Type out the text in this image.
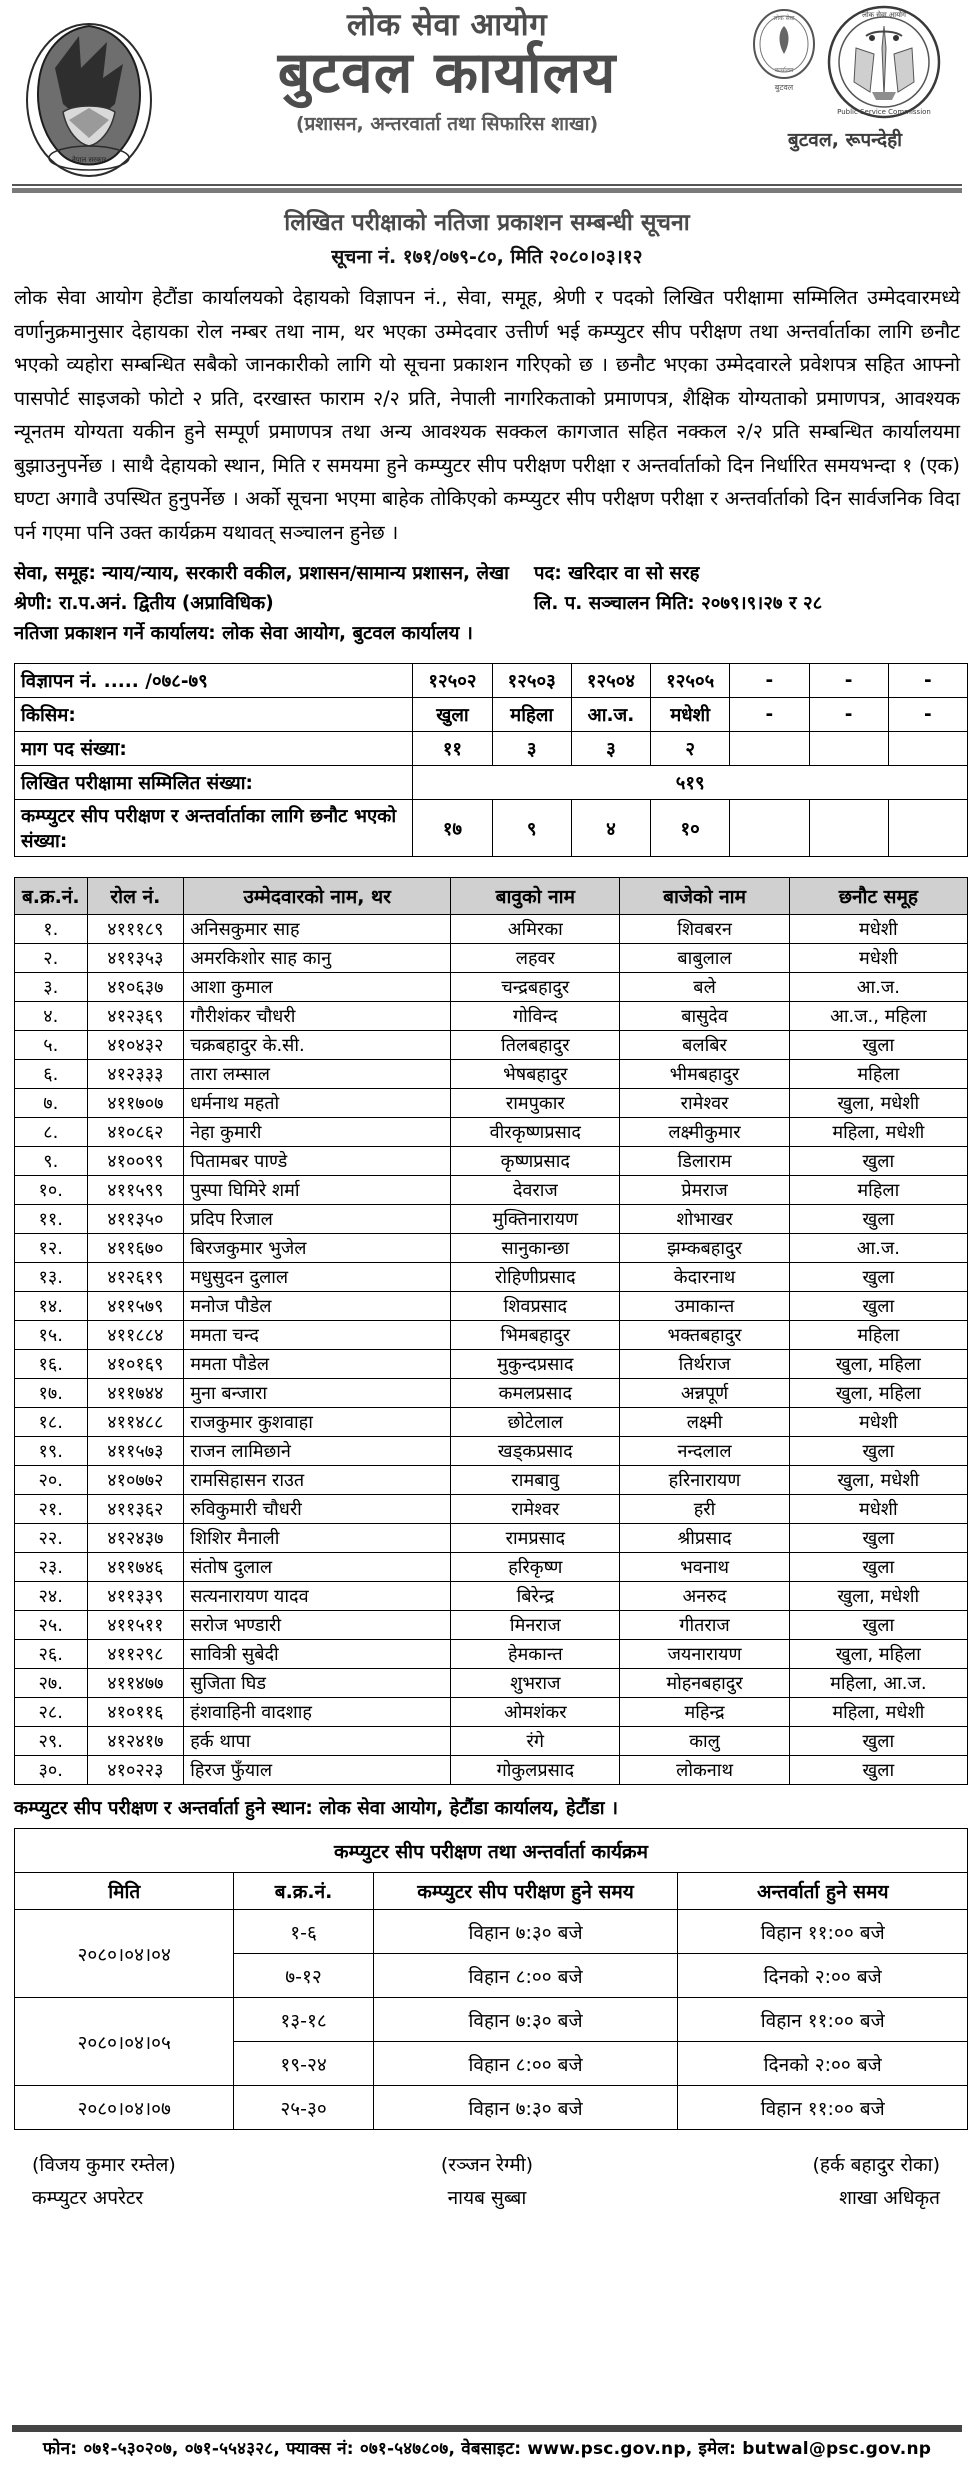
नेपाल सरकार
लोक सेवा आयोग
बुटवल कार्यालय
(प्रशासन, अन्तरवार्ता तथा सिफारिस शाखा)
लोक सेवा
कार्यालय
बुटवल
लोक सेवा आयोग
Public Service Commission
बुटवल, रूपन्देही
लिखित परीक्षाको नतिजा प्रकाशन सम्बन्धी सूचना
सूचना नं. १७१/०७९-८०, मिति २०८०।०३।१२
लोक सेवा आयोग हेटौंडा कार्यालयको देहायको विज्ञापन नं., सेवा, समूह, श्रेणी र पदको लिखित परीक्षामा सम्मिलित उम्मेदवारमध्ये वर्णानुक्रमानुसार देहायका रोल नम्बर तथा नाम, थर भएका उम्मेदवार उत्तीर्ण भई कम्प्युटर सीप परीक्षण तथा अन्तर्वार्ताका लागि छनौट भएको व्यहोरा सम्बन्धित सबैको जानकारीको लागि यो सूचना प्रकाशन गरिएको छ । छनौट भएका उम्मेदवारले प्रवेशपत्र सहित आफ्नो पासपोर्ट साइजको फोटो २ प्रति, दरखास्त फाराम २/२ प्रति, नेपाली नागरिकताको प्रमाणपत्र, शैक्षिक योग्यताको प्रमाणपत्र, आवश्यक न्यूनतम योग्यता यकीन हुने सम्पूर्ण प्रमाणपत्र तथा अन्य आवश्यक सक्कल कागजात सहित नक्कल २/२ प्रति सम्बन्धित कार्यालयमा बुझाउनुपर्नेछ । साथै देहायको स्थान, मिति र समयमा हुने कम्प्युटर सीप परीक्षण परीक्षा र अन्तर्वार्ताको दिन निर्धारित समयभन्दा १ (एक) घण्टा अगावै उपस्थित हुनुपर्नेछ । अर्को सूचना भएमा बाहेक तोकिएको कम्प्युटर सीप परीक्षण परीक्षा र अन्तर्वार्ताको दिन सार्वजनिक विदा पर्न गएमा पनि उक्त कार्यक्रम यथावत् सञ्चालन हुनेछ ।
सेवा, समूह: न्याय/न्याय, सरकारी वकील, प्रशासन/सामान्य प्रशासन, लेखा	पद: खरिदार वा सो सरह
श्रेणी: रा.प.अनं. द्वितीय (अप्राविधिक)	लि. प. सञ्चालन मिति: २०७९।९।२७ र २८
नतिजा प्रकाशन गर्ने कार्यालय: लोक सेवा आयोग, बुटवल कार्यालय ।
विज्ञापन नं. ..... /०७८-७९	१२५०२	१२५०३	१२५०४	१२५०५	-	-	-
किसिम:	खुला	महिला	आ.ज.	मधेशी	-	-	-
माग पद संख्या:	११	३	३	२			
लिखित परीक्षामा सम्मिलित संख्या:	५१९						
कम्प्युटर सीप परीक्षण र अन्तर्वार्ताका लागि छनौट भएको संख्या:	१७	९	४	१०			
ब.क्र.नं.	रोल नं.	उम्मेदवारको नाम, थर	बावुको नाम	बाजेको नाम	छनौट समूह
१.	४१११८९	अनिसकुमार साह	अमिरका	शिवबरन	मधेशी
२.	४११३५३	अमरकिशोर साह कानु	लहवर	बाबुलाल	मधेशी
३.	४१०६३७	आशा कुमाल	चन्द्रबहादुर	बले	आ.ज.
४.	४१२३६९	गौरीशंकर चौधरी	गोविन्द	बासुदेव	आ.ज., महिला
५.	४१०४३२	चक्रबहादुर के.सी.	तिलबहादुर	बलबिर	खुला
६.	४१२३३३	तारा लम्साल	भेषबहादुर	भीमबहादुर	महिला
७.	४११७०७	धर्मनाथ महतो	रामपुकार	रामेश्वर	खुला, मधेशी
८.	४१०८६२	नेहा कुमारी	वीरकृष्णप्रसाद	लक्ष्मीकुमार	महिला, मधेशी
९.	४१००९९	पितामबर पाण्डे	कृष्णप्रसाद	डिलाराम	खुला
१०.	४११५९९	पुस्पा घिमिरे शर्मा	देवराज	प्रेमराज	महिला
११.	४११३५०	प्रदिप रिजाल	मुक्तिनारायण	शोभाखर	खुला
१२.	४११६७०	बिरजकुमार भुजेल	सानुकान्छा	झम्कबहादुर	आ.ज.
१३.	४१२६१९	मधुसुदन दुलाल	रोहिणीप्रसाद	केदारनाथ	खुला
१४.	४११५७९	मनोज पौडेल	शिवप्रसाद	उमाकान्त	खुला
१५.	४११८८४	ममता चन्द	भिमबहादुर	भक्तबहादुर	महिला
१६.	४१०१६९	ममता पौडेल	मुकुन्दप्रसाद	तिर्थराज	खुला, महिला
१७.	४११७४४	मुना बन्जारा	कमलप्रसाद	अन्नपूर्ण	खुला, महिला
१८.	४११४८८	राजकुमार कुशवाहा	छोटेलाल	लक्ष्मी	मधेशी
१९.	४११५७३	राजन लामिछाने	खड्कप्रसाद	नन्दलाल	खुला
२०.	४१०७७२	रामसिहासन राउत	रामबावु	हरिनारायण	खुला, मधेशी
२१.	४११३६२	रुविकुमारी चौधरी	रामेश्वर	हरी	मधेशी
२२.	४१२४३७	शिशिर मैनाली	रामप्रसाद	श्रीप्रसाद	खुला
२३.	४११७४६	संतोष दुलाल	हरिकृष्ण	भवनाथ	खुला
२४.	४११३३९	सत्यनारायण यादव	बिरेन्द्र	अनरुद	खुला, मधेशी
२५.	४११५११	सरोज भण्डारी	मिनराज	गीतराज	खुला
२६.	४११२९८	सावित्री सुबेदी	हेमकान्त	जयनारायण	खुला, महिला
२७.	४११४७७	सुजिता घिड	शुभराज	मोहनबहादुर	महिला, आ.ज.
२८.	४१०११६	हंशवाहिनी वादशाह	ओमशंकर	महिन्द्र	महिला, मधेशी
२९.	४१२४१७	हर्क थापा	रंगे	कालु	खुला
३०.	४१०२२३	हिरज फुँयाल	गोकुलप्रसाद	लोकनाथ	खुला
कम्प्युटर सीप परीक्षण र अन्तर्वार्ता हुने स्थान: लोक सेवा आयोग, हेटौंडा कार्यालय, हेटौंडा ।
कम्प्युटर सीप परीक्षण तथा अन्तर्वार्ता कार्यक्रम			
मिति	ब.क्र.नं.	कम्प्युटर सीप परीक्षण हुने समय	अन्तर्वार्ता हुने समय
२०८०।०४।०४	१-६	विहान ७:३० बजे	विहान ११:०० बजे
	७-१२	विहान ८:०० बजे	दिनको २:०० बजे
२०८०।०४।०५	१३-१८	विहान ७:३० बजे	विहान ११:०० बजे
	१९-२४	विहान ८:०० बजे	दिनको २:०० बजे
२०८०।०४।०७	२५-३०	विहान ७:३० बजे	विहान ११:०० बजे
(विजय कुमार रम्तेल)
कम्प्युटर अपरेटर
(रञ्जन रेग्मी)
नायब सुब्बा
(हर्क बहादुर रोका)
शाखा अधिकृत
फोन: ०७१-५३०२०७, ०७१-५५४३२८, फ्याक्स नं: ०७१-५४७८०७, वेबसाइट: www.psc.gov.np, इमेल: butwal@psc.gov.np
